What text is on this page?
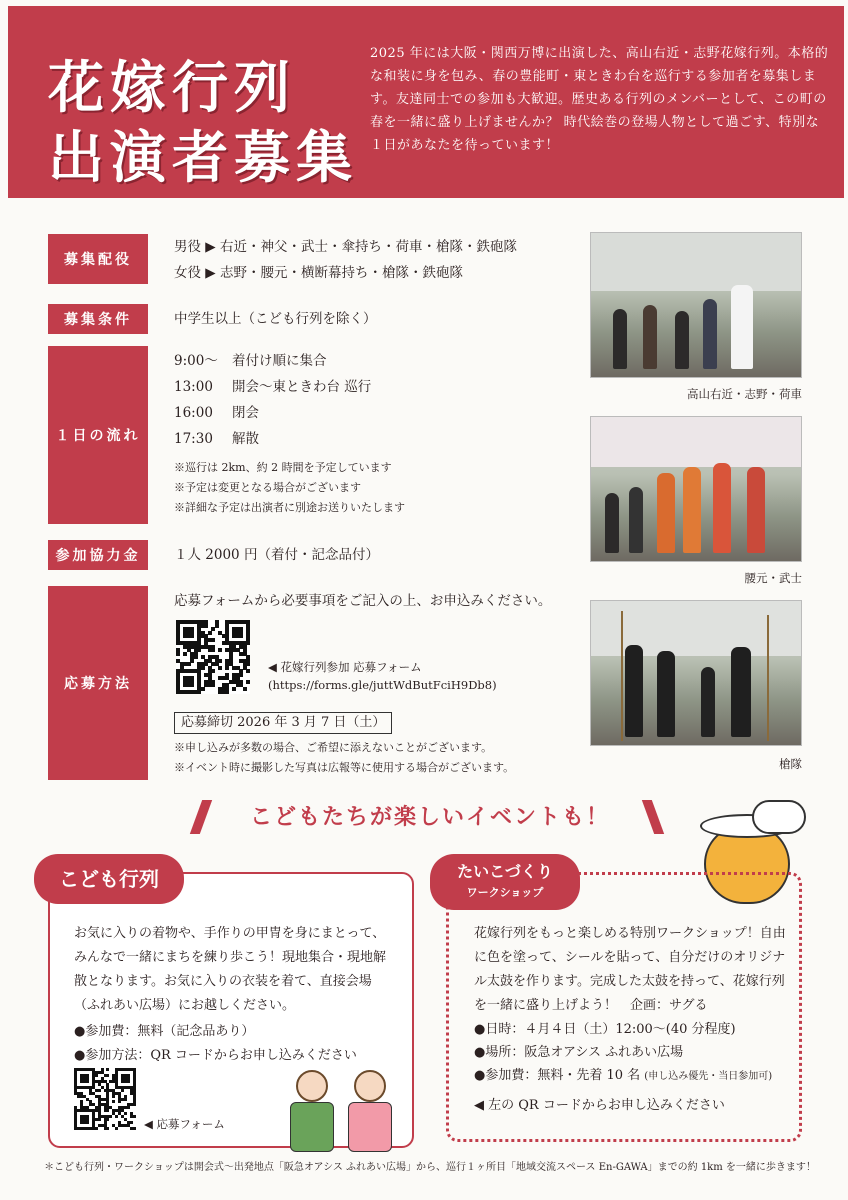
花嫁行列
出演者募集
2025 年には大阪・関西万博に出演した、高山右近・志野花嫁行列。本格的な和装に身を包み、春の豊能町・東ときわ台を巡行する参加者を募集します。友達同士での参加も大歓迎。歴史ある行列のメンバーとして、この町の春を一緒に盛り上げませんか？ 時代絵巻の登場人物として過ごす、特別な１日があなたを待っています！
募集配役
男役 ▶ 右近・神父・武士・傘持ち・荷車・槍隊・鉄砲隊
女役 ▶ 志野・腰元・横断幕持ち・槍隊・鉄砲隊
募集条件	中学生以上（こども行列を除く）
１日の流れ
9:00〜 着付け順に集合
13:00 開会〜東ときわ台 巡行
16:00 閉会
17:30 解散
※巡行は 2km、約 2 時間を予定しています
※予定は変更となる場合がございます
※詳細な予定は出演者に別途お送りいたします
参加協力金	１人 2000 円（着付・記念品付）
応募方法
応募フォームから必要事項をご記入の上、お申込みください。
◀ 花嫁行列参加 応募フォーム
(https://forms.gle/juttWdButFciH9Db8)
応募締切 2026 年 3 月 7 日（土）
※申し込みが多数の場合、ご希望に添えないことがございます。
※イベント時に撮影した写真は広報等に使用する場合がございます。
高山右近・志野・荷車
腰元・武士
槍隊
こどもたちが楽しいイベントも！
こども行列
お気に入りの着物や、手作りの甲冑を身にまとって、みんなで一緒にまちを練り歩こう！現地集合・現地解散となります。お気に入りの衣装を着て、直接会場（ふれあい広場）にお越しください。
●参加費：無料（記念品あり）
●参加方法：QR コードからお申し込みください
◀ 応募フォーム
たいこづくり
ワークショップ
花嫁行列をもっと楽しめる特別ワークショップ！自由に色を塗って、シールを貼って、自分だけのオリジナル太鼓を作ります。完成した太鼓を持って、花嫁行列を一緒に盛り上げよう！　企画：サグる
●日時：４月４日（土）12:00〜(40 分程度)
●場所：阪急オアシス ふれあい広場
●参加費：無料・先着 10 名 (申し込み優先・当日参加可)
◀ 左の QR コードからお申し込みください
＊こども行列・ワークショップは開会式〜出発地点「阪急オアシス ふれあい広場」から、巡行１ヶ所目「地域交流スペース En-GAWA」までの約 1km を一緒に歩きます！
